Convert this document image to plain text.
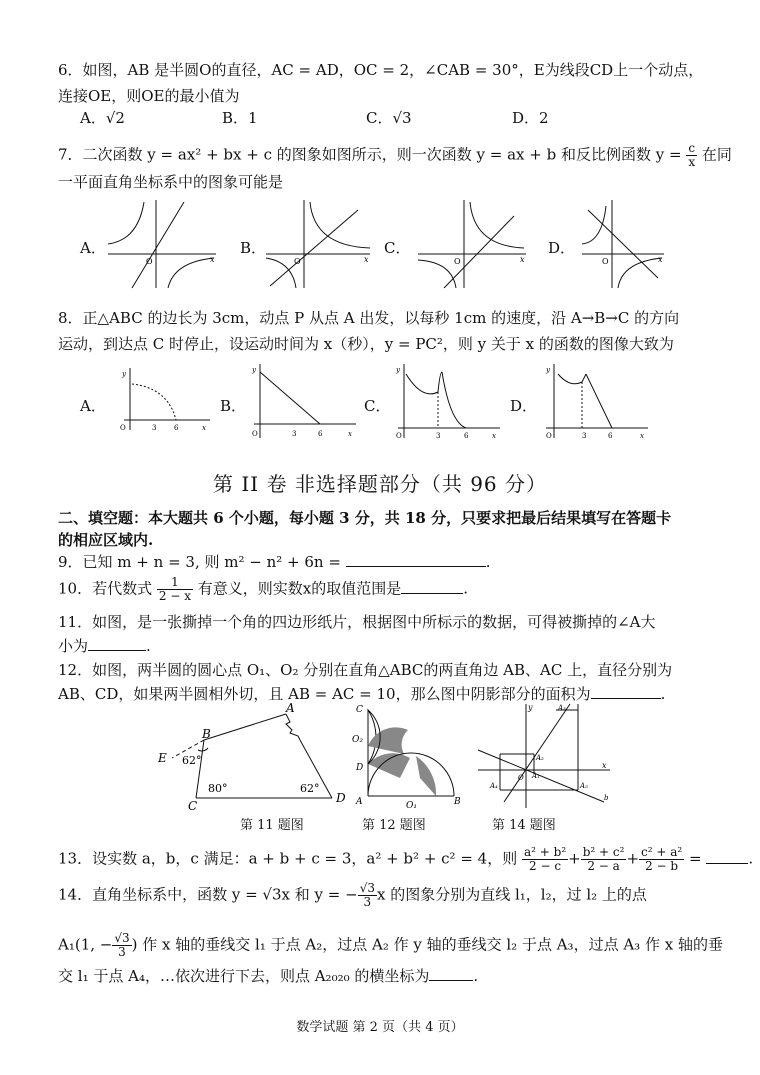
6．如图，AB 是半圆O的直径，AC = AD，OC = 2，∠CAB = 30°，E为线段CD上一个动点，
连接OE，则OE的最小值为
A．√2	B．1	C．√3	D．2
7．二次函数 y = ax² + bx + c 的图象如图所示，则一次函数 y = ax + b 和反比例函数 $y = \frac{c}{x}$ 在同
一平面直角坐标系中的图象可能是
A．	B．	C．	D．
O	x	O	x	O	x	O	x
8．正△ABC 的边长为 3cm，动点 P 从点 A 出发，以每秒 1cm 的速度，沿 A→B→C 的方向
运动，到达点 C 时停止，设运动时间为 x（秒），y = PC²，则 y 关于 x 的函数的图像大致为
A．	B．	C．	D．
y
O	3	6	x
y
O	3	6	x
y
O	3	6	x
y
O	3	6	x
第 II 卷 非选择题部分（共 96 分）
二、填空题：本大题共 6 个小题，每小题 3 分，共 18 分，只要求把最后结果填写在答题卡
的相应区域内.
9．已知 m + n = 3, 则 m² − n² + 6n =	.
10．若代数式 $\frac{1}{2 - x}$ 有意义，则实数x的取值范围是	.
11．如图，是一张撕掉一个角的四边形纸片，根据图中所标示的数据，可得被撕掉的∠A大
小为	.
12．如图，两半圆的圆心点 O₁、O₂ 分别在直角△ABC的两直角边 AB、AC 上，直径分别为
AB、CD，如果两半圆相外切，且 AB = AC = 10，那么图中阴影部分的面积为	.
A
B
C
D
E 62°
80°	62°
第 11 题图
C
O₂
D
A	O₁	B
第 12 题图
y
x
A₃
A₂
A₁
A₄	A₅
O
b
第 14 题图
13．设实数 a，b，c 满足：a + b + c = 3，a² + b² + c² = 4，则 $\frac{\text{a² + b²}}{2 - c} + \frac{\text{b² + c²}}{2 - a} + \frac{\text{c² + a²}}{2 - b}$ =	.
14．直角坐标系中，函数 y = √3x 和 y = − $\frac{√3}{3}$ x 的图象分别为直线 l₁，l₂，过 l₂ 上的点
A₁(1, − $\frac{√3}{3}$ ) 作 x 轴的垂线交 l₁ 于点 A₂，过点 A₂ 作 y 轴的垂线交 l₂ 于点 A₃，过点 A₃ 作 x 轴的垂
交 l₁ 于点 A₄，…依次进行下去，则点 A₂₀₂₀ 的横坐标为	.
数学试题 第 2 页（共 4 页）
